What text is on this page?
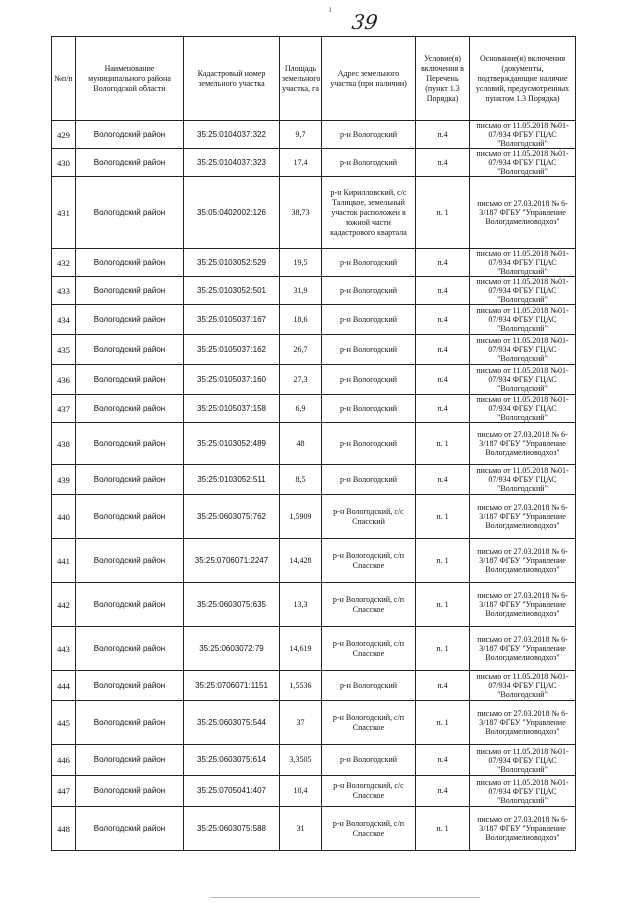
ı
39
№п/п	Наименование муниципального района Вологодской области	Кадастровый номер земельного участка	Площадь земельного участка, га	Адрес земельного участка (при наличии)	Условие(я) включения в Перечень (пункт 1.3 Порядка)	Основание(я) включения (документы, подтверждающие наличие условий, предусмотренных пунктом 1.3 Порядка)
429	Вологодский район	35:25:0104037:322	9,7	р-н Вологодский	п.4	письмо от 11.05.2018 №01-07/934 ФГБУ ГЦАС "Вологодский"
430	Вологодский район	35:25:0104037:323	17,4	р-н Вологодский	п.4	письмо от 11.05.2018 №01-07/934 ФГБУ ГЦАС "Вологодский"
431	Вологодский район	35:05:0402002:126	38,73	р-н Кирилловский, с/с Талицкое, земельный участок расположен в южной части кадастрового квартала	п. 1	письмо от 27.03.2018 № 6-3/187 ФГБУ "Управление Вологдамелиоводхоз"
432	Вологодский район	35:25:0103052:529	19,5	р-н Вологодский	п.4	письмо от 11.05.2018 №01-07/934 ФГБУ ГЦАС "Вологодский"
433	Вологодский район	35:25:0103052:501	31,9	р-н Вологодский	п.4	письмо от 11.05.2018 №01-07/934 ФГБУ ГЦАС "Вологодский"
434	Вологодский район	35:25:0105037:167	18,6	р-н Вологодский	п.4	письмо от 11.05.2018 №01-07/934 ФГБУ ГЦАС "Вологодский"
435	Вологодский район	35:25:0105037:162	26,7	р-н Вологодский	п.4	письмо от 11.05.2018 №01-07/934 ФГБУ ГЦАС "Вологодский"
436	Вологодский район	35:25:0105037:160	27,3	р-н Вологодский	п.4	письмо от 11.05.2018 №01-07/934 ФГБУ ГЦАС "Вологодский"
437	Вологодский район	35:25:0105037:158	6,9	р-н Вологодский	п.4	письмо от 11.05.2018 №01-07/934 ФГБУ ГЦАС "Вологодский"
438	Вологодский район	35:25:0103052:489	48	р-н Вологодский	п. 1	письмо от 27.03.2018 № 6-3/187 ФГБУ "Управление Вологдамелиоводхоз"
439	Вологодский район	35:25:0103052:511	8,5	р-н Вологодский	п.4	письмо от 11.05.2018 №01-07/934 ФГБУ ГЦАС "Вологодский"
440	Вологодский район	35:25:0603075:762	1,5909	р-н Вологодский, с/с Спасский	п. 1	письмо от 27.03.2018 № 6-3/187 ФГБУ "Управление Вологдамелиоводхоз"
441	Вологодский район	35:25:0706071:2247	14,428	р-н Вологодский, с/п Спасское	п. 1	письмо от 27.03.2018 № 6-3/187 ФГБУ "Управление Вологдамелиоводхоз"
442	Вологодский район	35:25:0603075:635	13,3	р-н Вологодский, с/п Спасское	п. 1	письмо от 27.03.2018 № 6-3/187 ФГБУ "Управление Вологдамелиоводхоз"
443	Вологодский район	35:25:0603072:79	14,619	р-н Вологодский, с/п Спасское	п. 1	письмо от 27.03.2018 № 6-3/187 ФГБУ "Управление Вологдамелиоводхоз"
444	Вологодский район	35:25:0706071:1151	1,5536	р-н Вологодский	п.4	письмо от 11.05.2018 №01-07/934 ФГБУ ГЦАС "Вологодский"
445	Вологодский район	35:25:0603075:544	37	р-н Вологодский, с/п Спасское	п. 1	письмо от 27.03.2018 № 6-3/187 ФГБУ "Управление Вологдамелиоводхоз"
446	Вологодский район	35:25:0603075:614	3,3505	р-н Вологодский	п.4	письмо от 11.05.2018 №01-07/934 ФГБУ ГЦАС "Вологодский"
447	Вологодский район	35:25:0705041:407	10,4	р-н Вологодский, с/с Спасское	п.4	письмо от 11.05.2018 №01-07/934 ФГБУ ГЦАС "Вологодский"
448	Вологодский район	35:25:0603075:588	31	р-н Вологодский, с/п Спасское	п. 1	письмо от 27.03.2018 № 6-3/187 ФГБУ "Управление Вологдамелиоводхоз"
